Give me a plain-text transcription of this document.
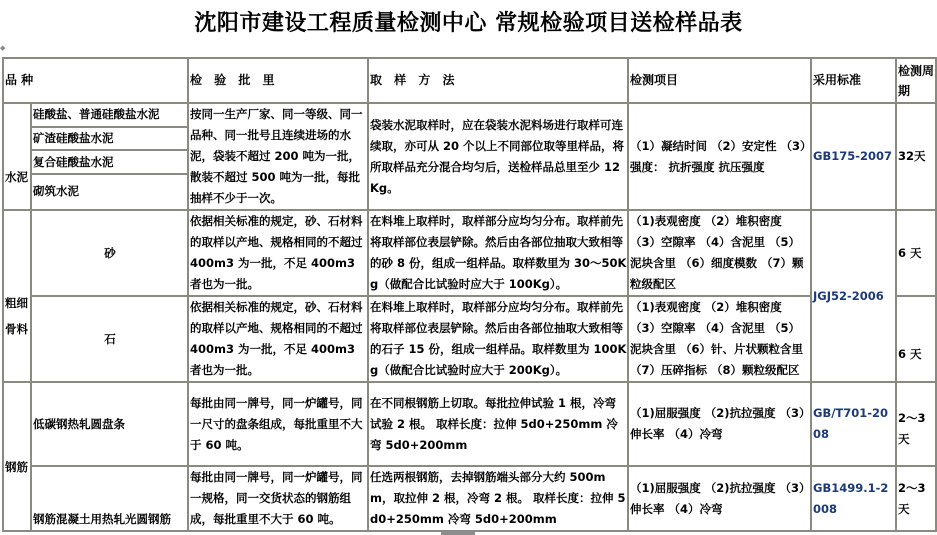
沈阳市建设工程质量检测中心 常规检验项目送检样品表
◆
品 种		检 验 批 里	取 样 方 法	检测项目	采用标准	检测周期
水泥	硅酸盐、普通硅酸盐水泥	按同一生产厂家、同一等级、同一品种、同一批号且连续进场的水泥，袋装不超过 200 吨为一批，散装不超过 500 吨为一批，每批抽样不少于一次。	袋装水泥取样时，应在袋装水泥料场进行取样可连续取，亦可从 20 个以上不同部位取等里样品，将所取样品充分混合均匀后，送检样品总里至少 12Kg。	（1）凝结时间 （2）安定性 （3）强度： 抗折强度 抗压强度	GB175-2007	32天
	矿渣硅酸盐水泥					
	复合硅酸盐水泥					
	砌筑水泥					
粗细骨料	砂	依据相关标准的规定，砂、石材料的取样以产地、规格相同的不超过 400m3 为一批，不足 400m3 者也为一批。	在料堆上取样时，取样部分应均匀分布。取样前先将取样部位表层铲除。然后由各部位抽取大致相等的砂 8 份，组成一组样品。取样数里为 30～50Kg（做配合比试验时应大于 100Kg）。	（1)表观密度 （2）堆积密度 （3）空隙率 （4）含泥里 （5）泥块含里 （6）细度模数 （7）颗粒级配区	JGJ52-2006	6 天
	石	依据相关标准的规定，砂、石材料的取样以产地、规格相同的不超过 400m3 为一批，不足 400m3 者也为一批。	在料堆上取样时，取样部分应均匀分布。取样前先将取样部位表层铲除。然后由各部位抽取大致相等的石子 15 份，组成一组样品。取样数里为 100Kg（做配合比试验时应大于 200Kg）。	（1)表观密度 （2）堆积密度 （3）空隙率 （4）含泥里 （5）泥块含里 （6）针、片状颗粒含里 （7）压碎指标 （8）颗粒级配区		6 天
钢筋	低碳钢热轧圆盘条	每批由同一牌号，同一炉罐号，同一尺寸的盘条组成，每批重里不大于 60 吨。	在不同根钢筋上切取。每批拉伸试验 1 根，冷弯试验 2 根。 取样长度：拉伸 5d0+250mm 冷弯 5d0+200mm	（1)屈服强度 （2)抗拉强度 （3）伸长率 （4）冷弯	GB/T701-2008	2～3 天
	钢筋混凝土用热轧光圆钢筋	每批由同一牌号，同一炉罐号，同一规格，同一交货状态的钢筋组成，每批重里不大于 60 吨。	任选两根钢筋，去掉钢筋端头部分大约 500mm，取拉伸 2 根，冷弯 2 根。 取样长度：拉伸 5d0+250mm 冷弯 5d0+200mm	（1)屈服强度 （2)抗拉强度 （3）伸长率 （4）冷弯	GB1499.1-2008	2～3 天
